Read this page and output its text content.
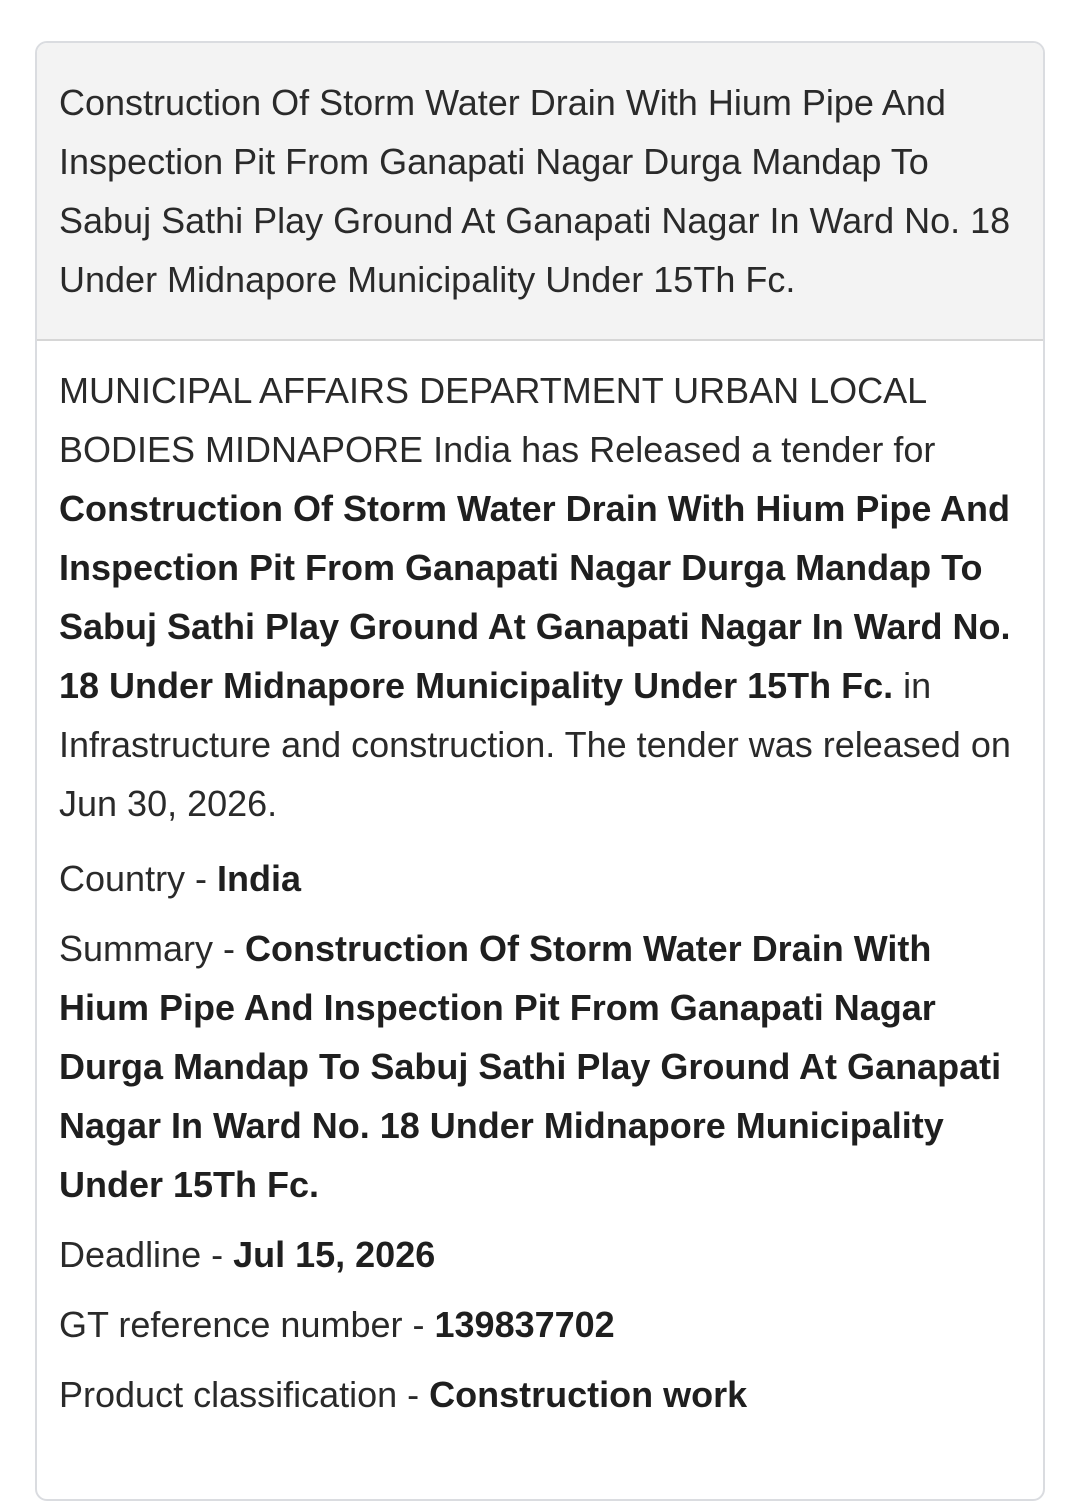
Construction Of Storm Water Drain With Hium Pipe And Inspection Pit From Ganapati Nagar Durga Mandap To Sabuj Sathi Play Ground At Ganapati Nagar In Ward No. 18 Under Midnapore Municipality Under 15Th Fc.

MUNICIPAL AFFAIRS DEPARTMENT URBAN LOCAL BODIES MIDNAPORE India has Released a tender for Construction Of Storm Water Drain With Hium Pipe And Inspection Pit From Ganapati Nagar Durga Mandap To Sabuj Sathi Play Ground At Ganapati Nagar In Ward No. 18 Under Midnapore Municipality Under 15Th Fc. in Infrastructure and construction. The tender was released on Jun 30, 2026.

Country - India
Summary - Construction Of Storm Water Drain With Hium Pipe And Inspection Pit From Ganapati Nagar Durga Mandap To Sabuj Sathi Play Ground At Ganapati Nagar In Ward No. 18 Under Midnapore Municipality Under 15Th Fc.
Deadline - Jul 15, 2026
GT reference number - 139837702
Product classification - Construction work
